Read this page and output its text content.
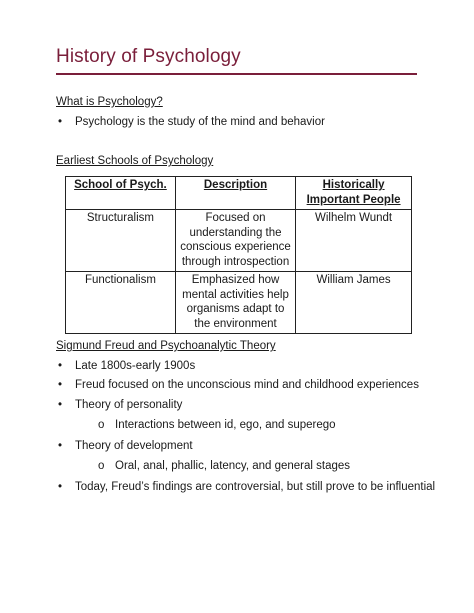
History of Psychology
What is Psychology?
•	Psychology is the study of the mind and behavior
Earliest Schools of Psychology
School of Psych.	Description	Historically Important People
Structuralism	Focused on understanding the conscious experience through introspection	Wilhelm Wundt
Functionalism	Emphasized how mental activities help organisms adapt to the environment	William James
Sigmund Freud and Psychoanalytic Theory
•	Late 1800s-early 1900s
•	Freud focused on the unconscious mind and childhood experiences
•	Theory of personality
o Interactions between id, ego, and superego
•	Theory of development
o Oral, anal, phallic, latency, and general stages
•	Today, Freud’s findings are controversial, but still prove to be influential
